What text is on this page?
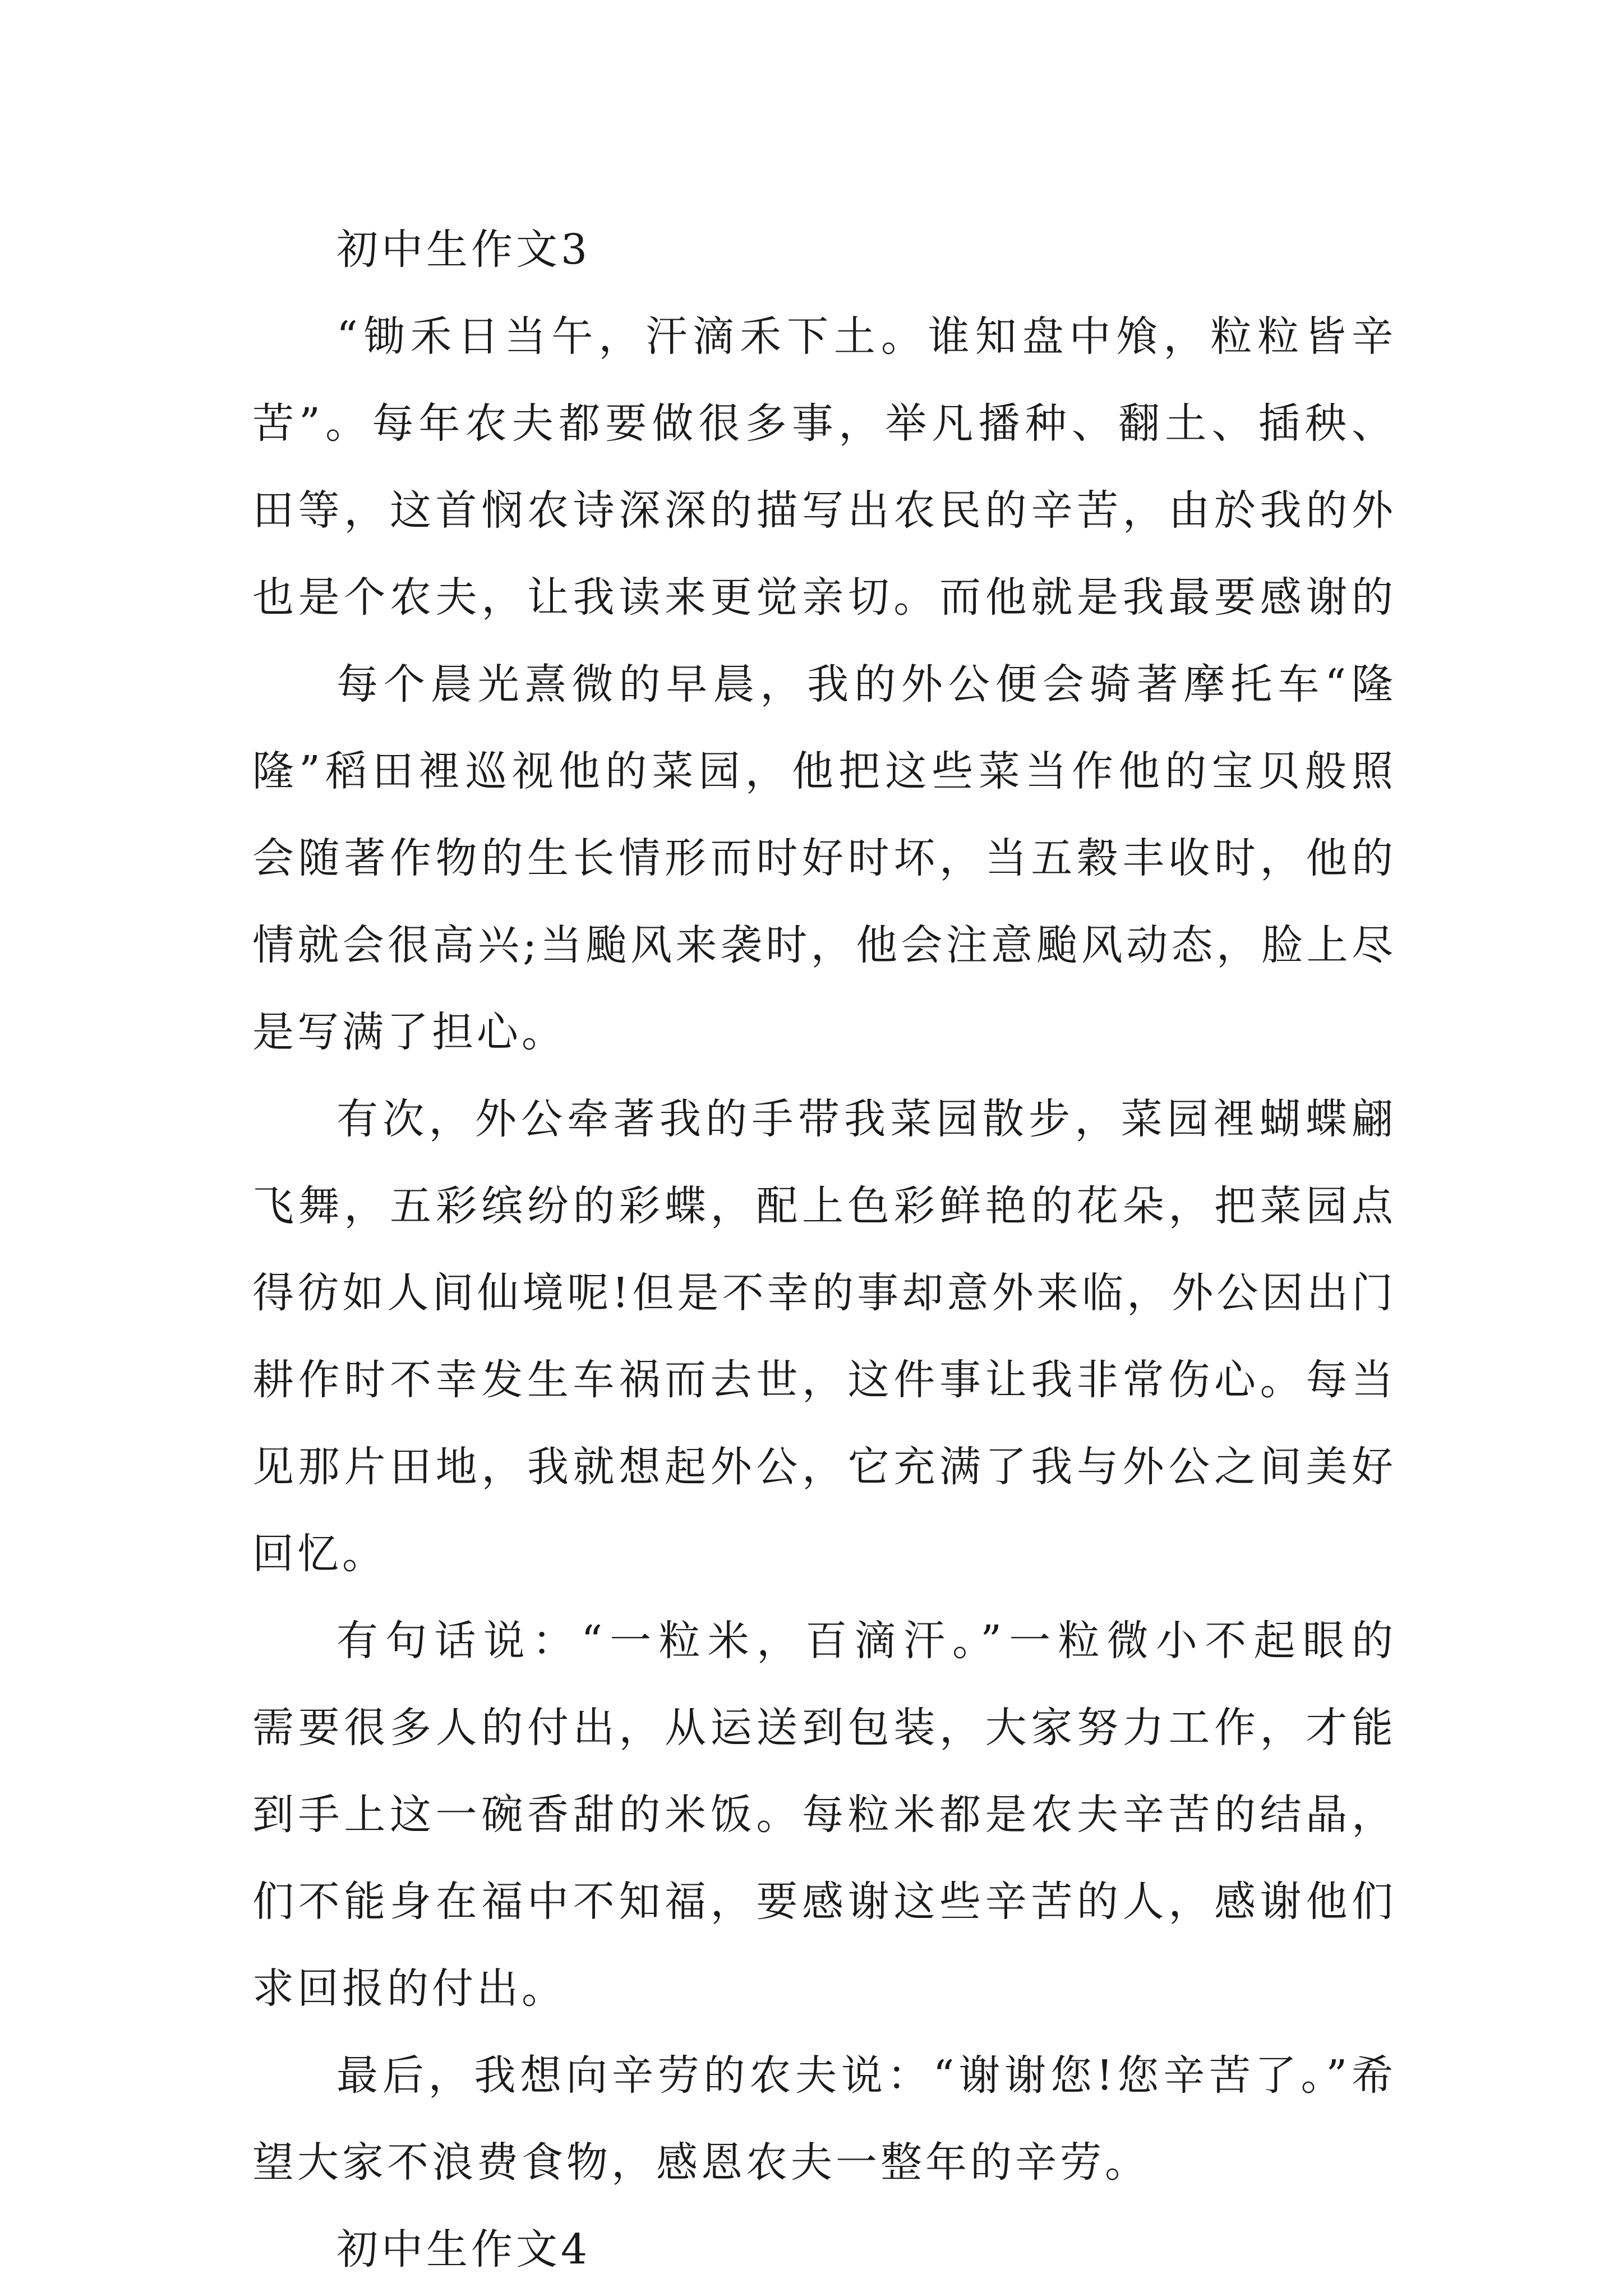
初中生作文3
“锄禾日当午，汗滴禾下土。谁知盘中飧，粒粒皆辛
苦”。每年农夫都要做很多事，举凡播种、翻土、插秧、
田等，这首悯农诗深深的描写出农民的辛苦，由於我的外
也是个农夫，让我读来更觉亲切。而他就是我最要感谢的
每个晨光熹微的早晨，我的外公便会骑著摩托车“隆
隆”稻田裡巡视他的菜园，他把这些菜当作他的宝贝般照
会随著作物的生长情形而时好时坏，当五穀丰收时，他的
情就会很高兴;当颱风来袭时，他会注意颱风动态，脸上尽
是写满了担心。
有次，外公牵著我的手带我菜园散步，菜园裡蝴蝶翩
飞舞，五彩缤纷的彩蝶，配上色彩鲜艳的花朵，把菜园点
得彷如人间仙境呢!但是不幸的事却意外来临，外公因出门
耕作时不幸发生车祸而去世，这件事让我非常伤心。每当
见那片田地，我就想起外公，它充满了我与外公之间美好
回忆。
有句话说：“一粒米，百滴汗。”一粒微小不起眼的
需要很多人的付出，从运送到包装，大家努力工作，才能
到手上这一碗香甜的米饭。每粒米都是农夫辛苦的结晶，
们不能身在福中不知福，要感谢这些辛苦的人，感谢他们
求回报的付出。
最后，我想向辛劳的农夫说：“谢谢您!您辛苦了。”希
望大家不浪费食物，感恩农夫一整年的辛劳。
初中生作文4
